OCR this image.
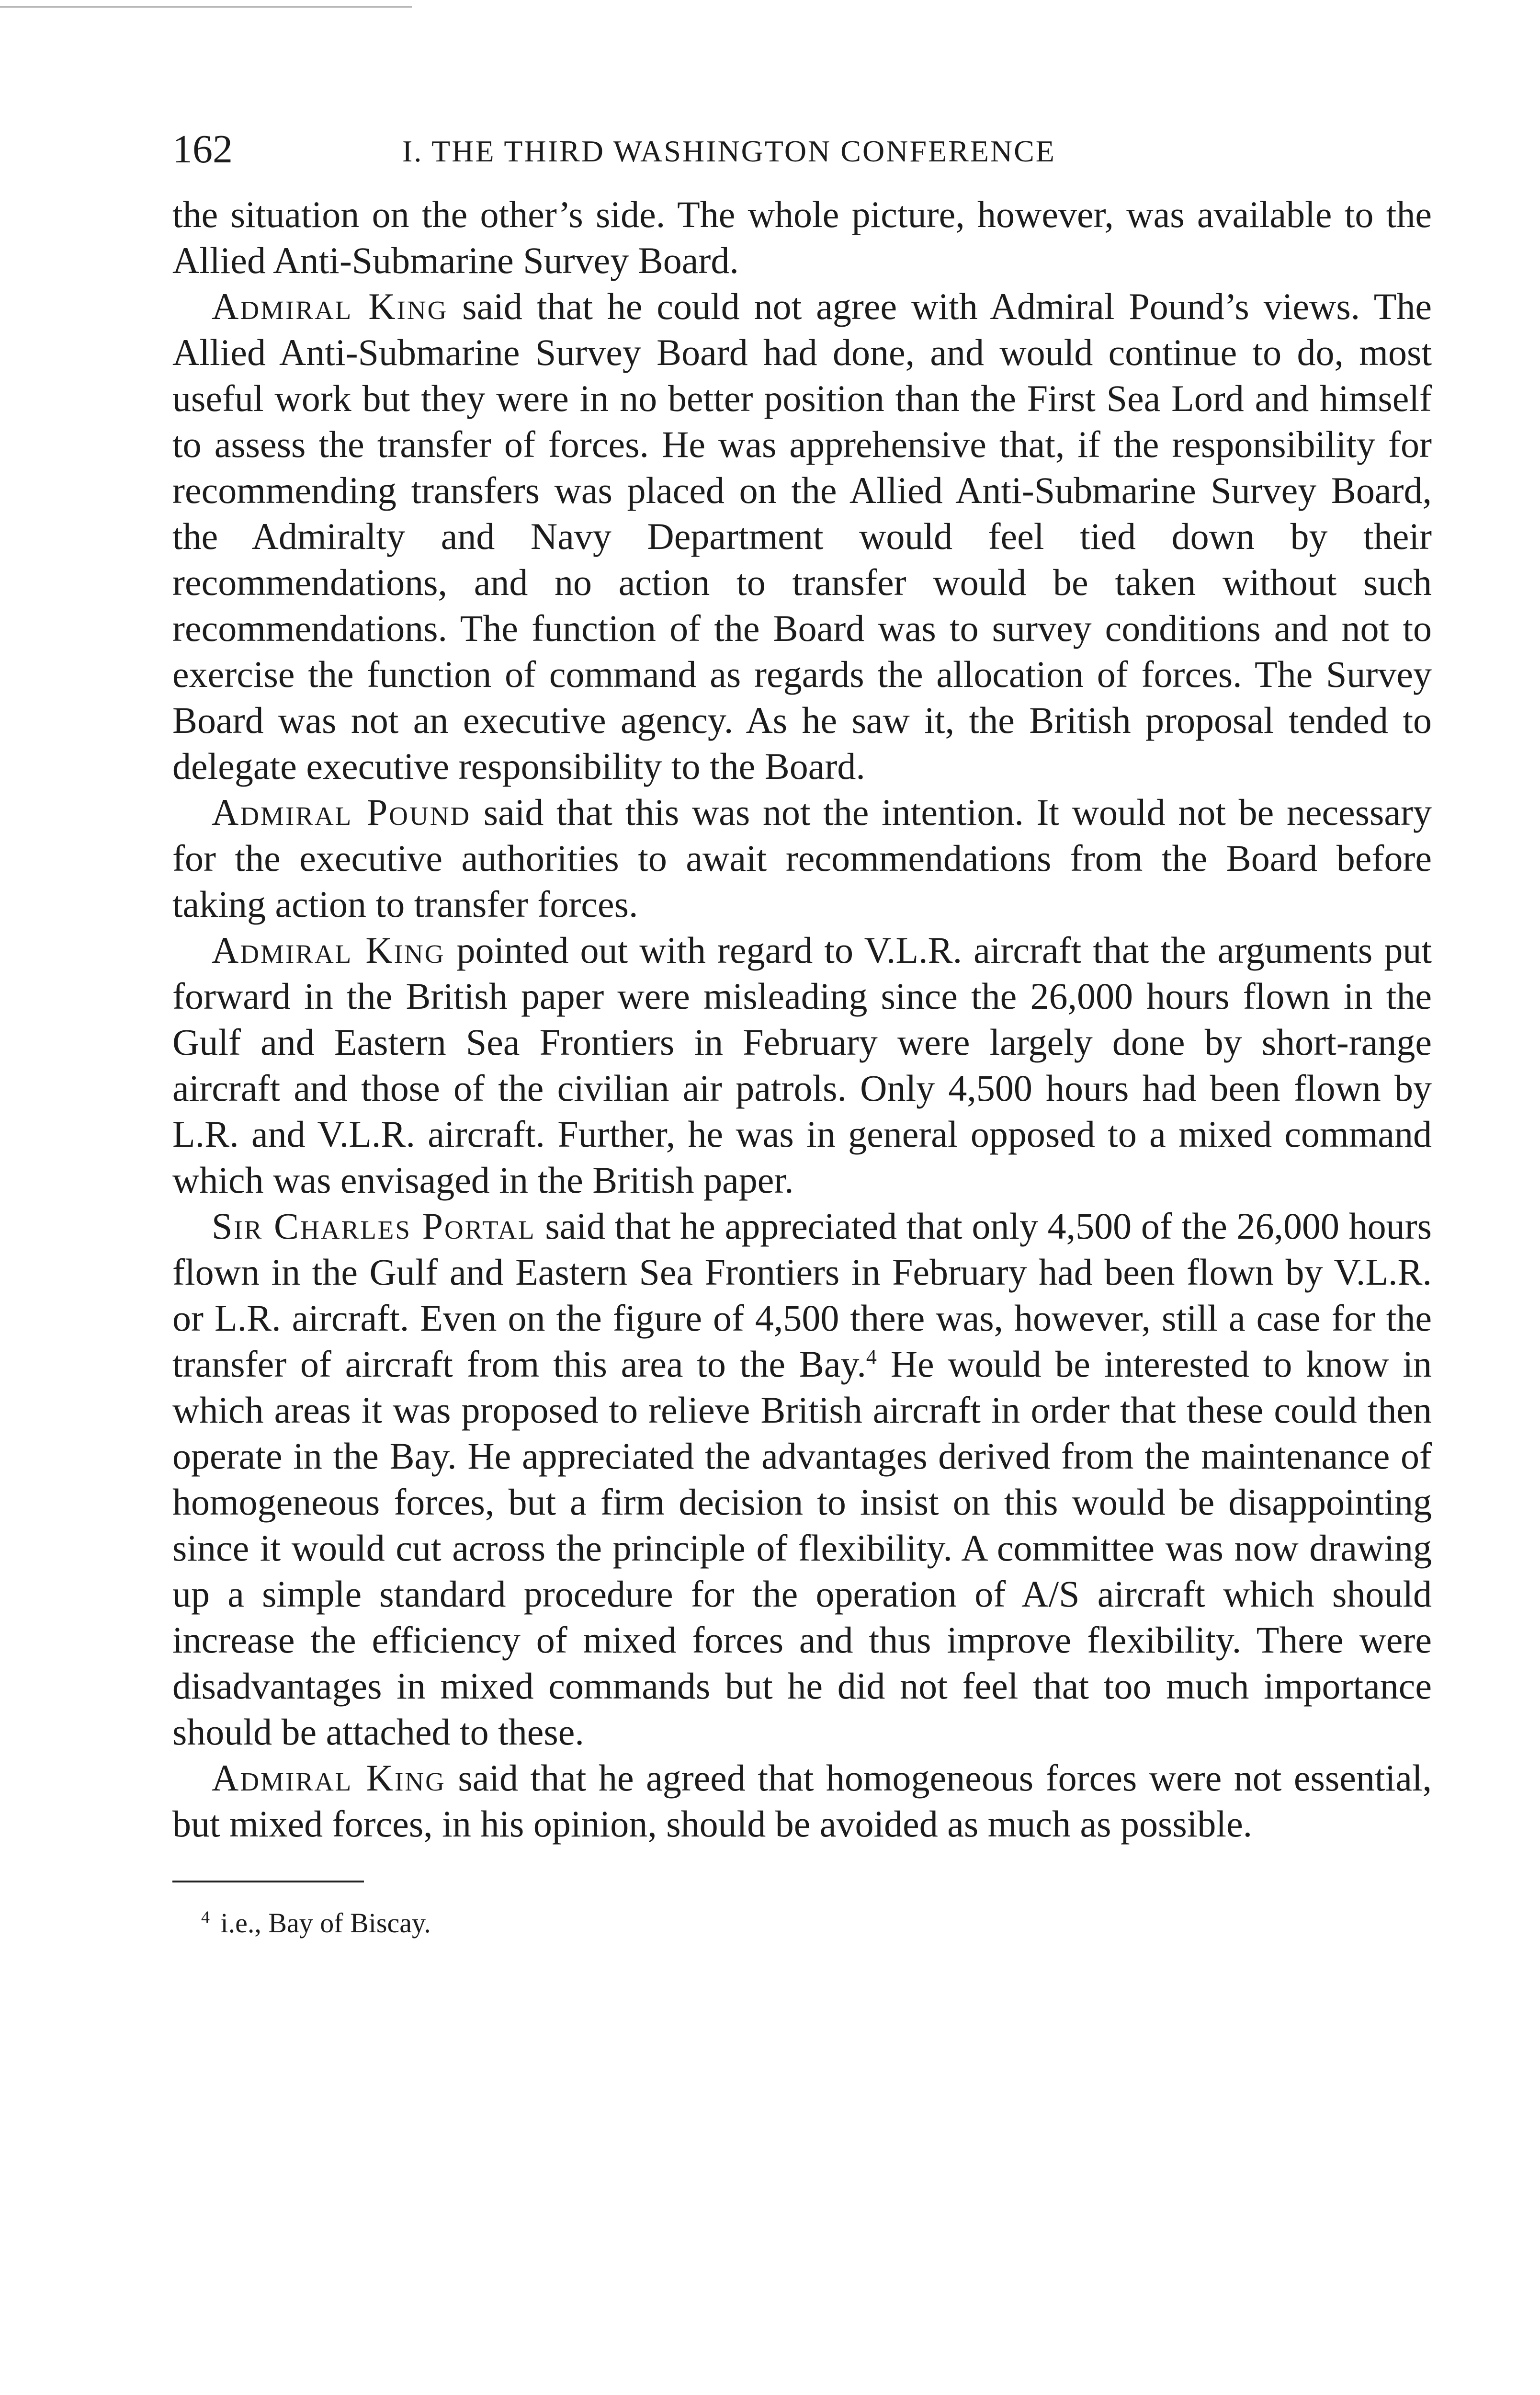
162	I. THE THIRD WASHINGTON CONFERENCE

the situation on the other’s side. The whole picture, however, was available to the Allied Anti-Submarine Survey Board.

Admiral King said that he could not agree with Admiral Pound’s views. The Allied Anti-Submarine Survey Board had done, and would continue to do, most useful work but they were in no better position than the First Sea Lord and himself to assess the transfer of forces. He was apprehensive that, if the responsibility for recommending transfers was placed on the Allied Anti-Submarine Survey Board, the Admiralty and Navy Department would feel tied down by their recommendations, and no action to transfer would be taken without such recommendations. The function of the Board was to survey conditions and not to exercise the function of command as regards the allocation of forces. The Survey Board was not an executive agency. As he saw it, the British proposal tended to delegate executive responsibility to the Board.

Admiral Pound said that this was not the intention. It would not be necessary for the executive authorities to await recommendations from the Board before taking action to transfer forces.

Admiral King pointed out with regard to V.L.R. aircraft that the arguments put forward in the British paper were misleading since the 26,000 hours flown in the Gulf and Eastern Sea Frontiers in February were largely done by short-range aircraft and those of the civilian air patrols. Only 4,500 hours had been flown by L.R. and V.L.R. aircraft. Further, he was in general opposed to a mixed command which was envisaged in the British paper.

Sir Charles Portal said that he appreciated that only 4,500 of the 26,000 hours flown in the Gulf and Eastern Sea Frontiers in February had been flown by V.L.R. or L.R. aircraft. Even on the figure of 4,500 there was, however, still a case for the transfer of aircraft from this area to the Bay.$^4$ He would be interested to know in which areas it was proposed to relieve British aircraft in order that these could then operate in the Bay. He appreciated the advantages derived from the maintenance of homogeneous forces, but a firm decision to insist on this would be disappointing since it would cut across the principle of flexibility. A committee was now drawing up a simple standard procedure for the operation of A/S aircraft which should increase the efficiency of mixed forces and thus improve flexibility. There were disadvantages in mixed commands but he did not feel that too much importance should be attached to these.

Admiral King said that he agreed that homogeneous forces were not essential, but mixed forces, in his opinion, should be avoided as much as possible.

$^4$ i.e., Bay of Biscay.
